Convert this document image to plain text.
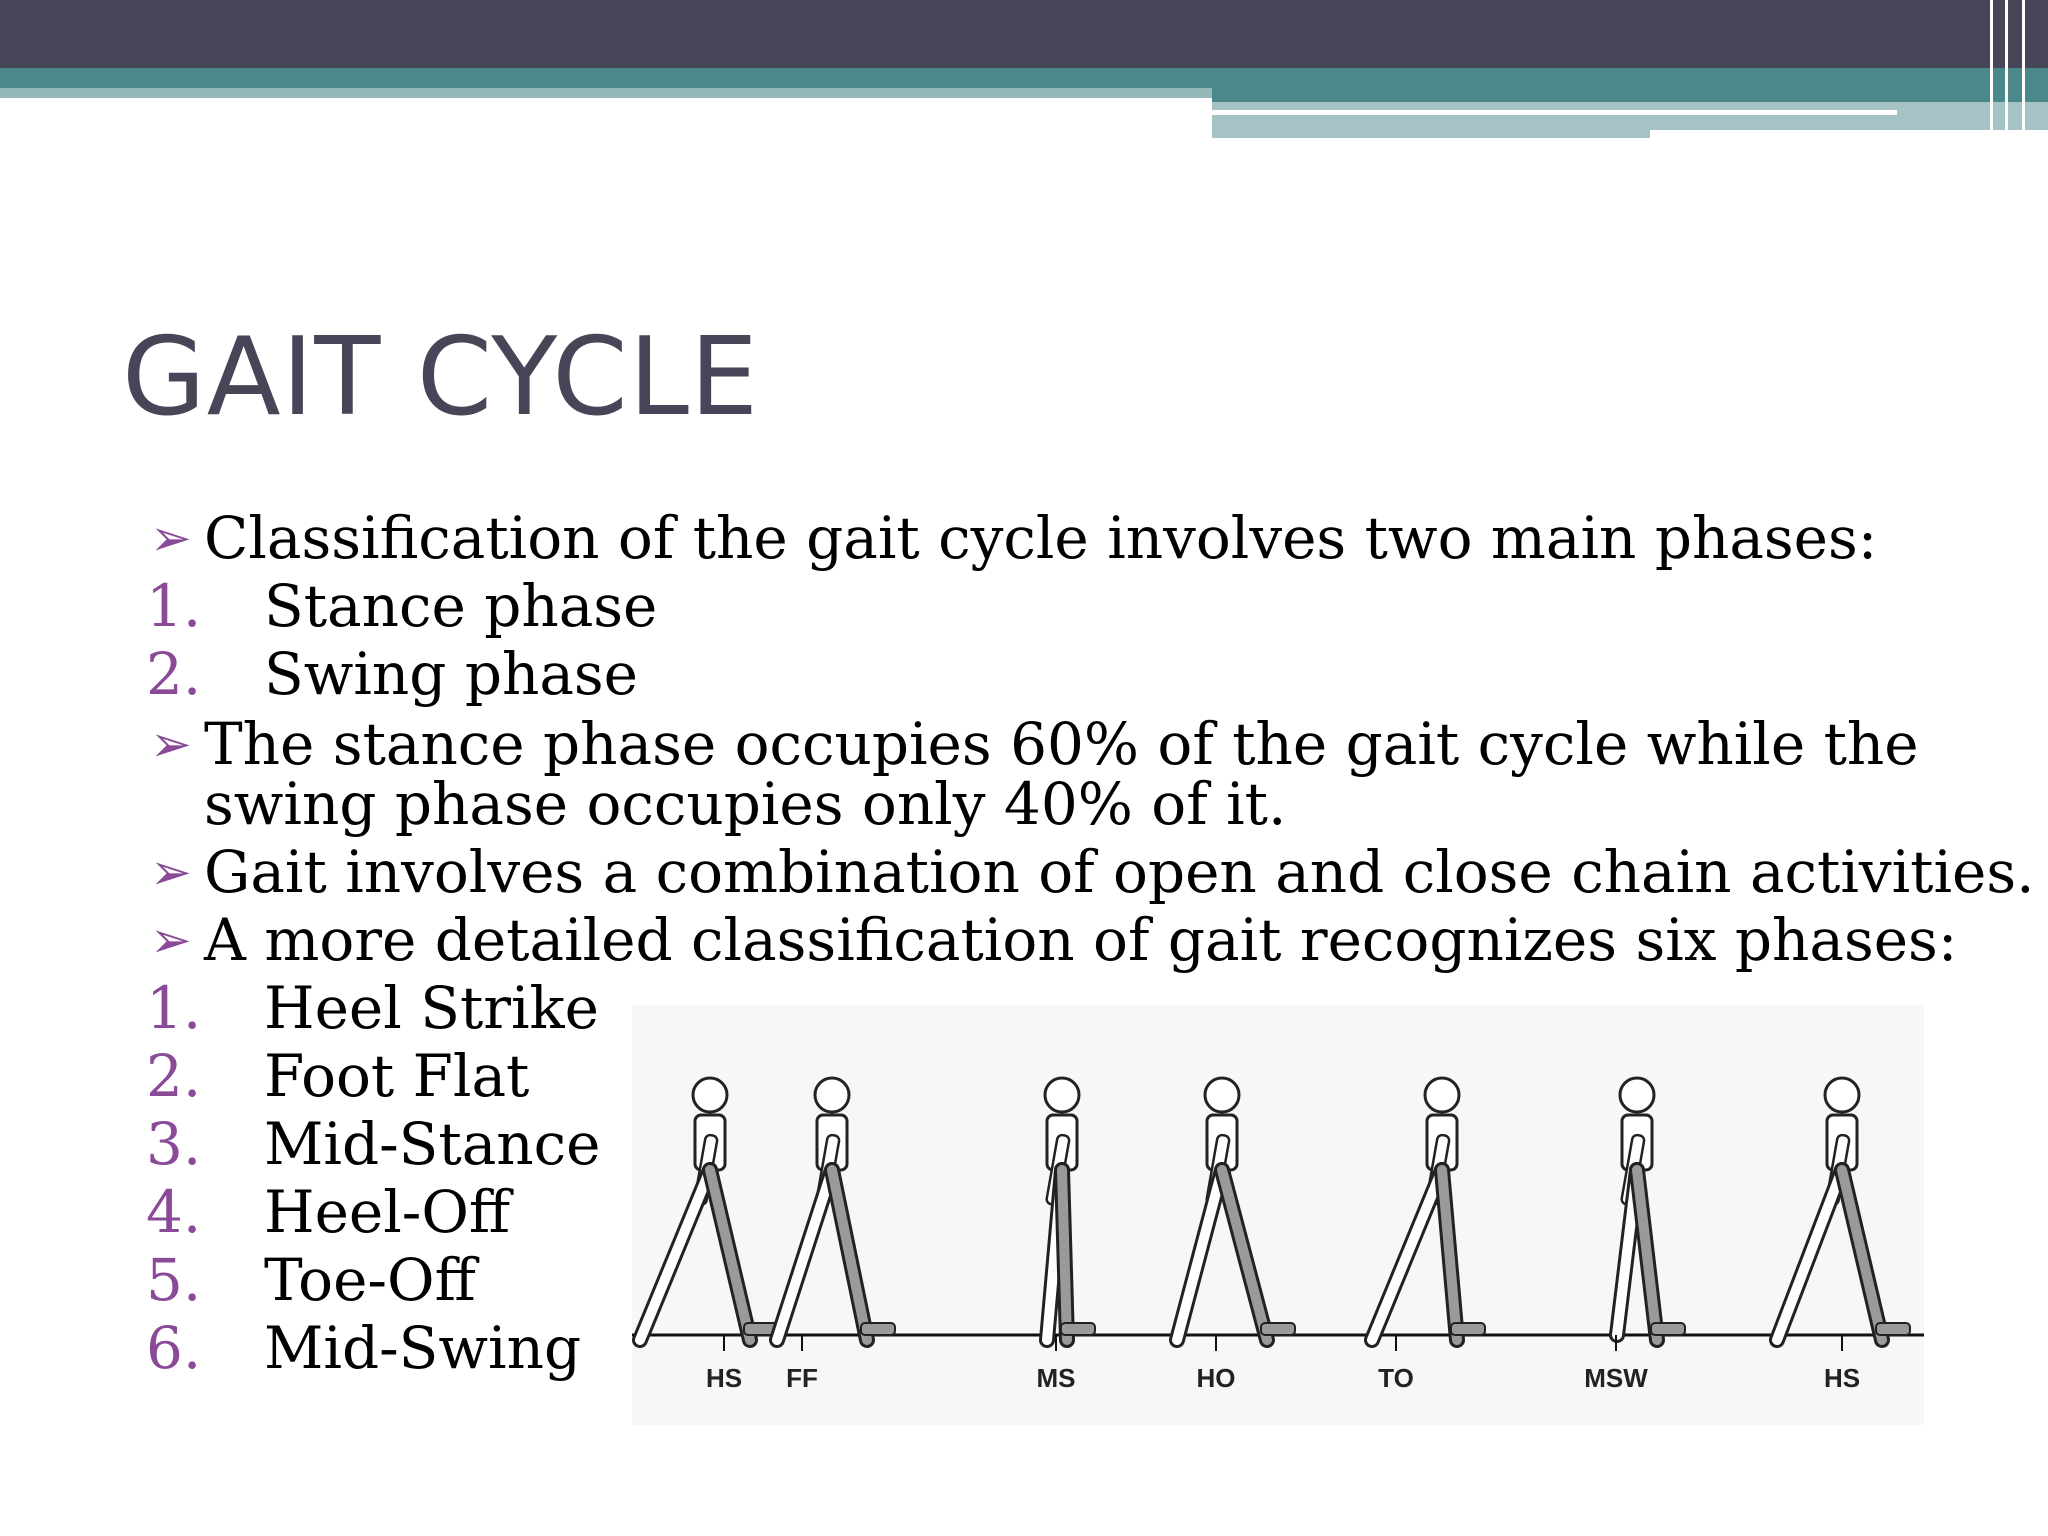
GAIT CYCLE
➢ Classification of the gait cycle involves two main phases:
1. Stance phase
2. Swing phase
➢ The stance phase occupies 60% of the gait cycle while the
swing phase occupies only 40% of it.
➢ Gait involves a combination of open and close chain activities.
➢ A more detailed classification of gait recognizes six phases:
1. Heel Strike
2. Foot Flat
3. Mid-Stance
4. Heel-Off
5. Toe-Off
6. Mid-Swing	HS FF	MS	HO	TO	MSW	HS
